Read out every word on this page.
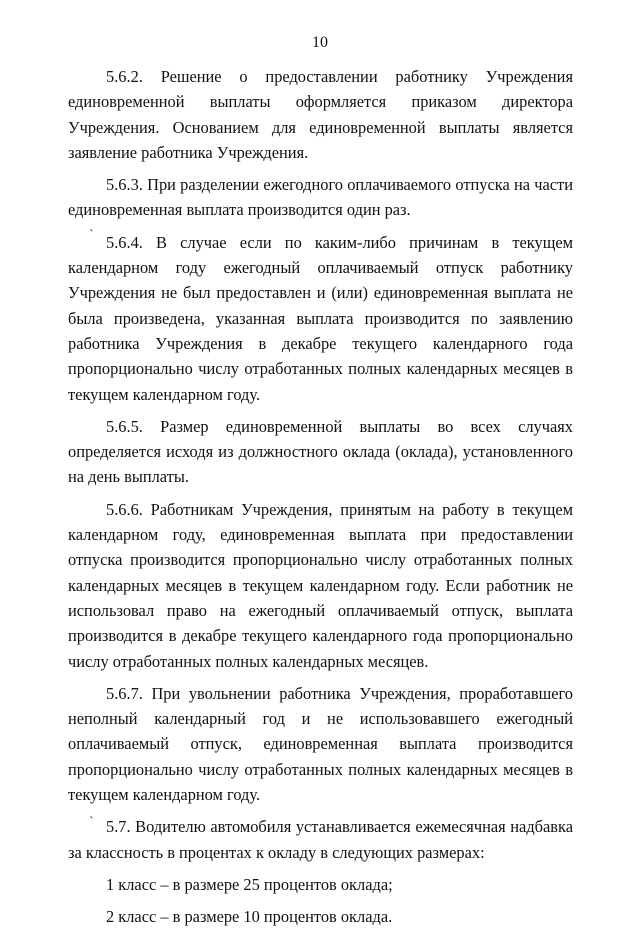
10
ˋ
ˋ

5.6.2. Решение о предоставлении работнику Учреждения единовременной выплаты оформляется приказом директора Учреждения. Основанием для единовременной выплаты является заявление работника Учреждения.

5.6.3. При разделении ежегодного оплачиваемого отпуска на части единовременная выплата производится один раз.

5.6.4. В случае если по каким-либо причинам в текущем календарном году ежегодный оплачиваемый отпуск работнику Учреждения не был предоставлен и (или) единовременная выплата не была произведена, указанная выплата производится по заявлению работника Учреждения в декабре текущего календарного года пропорционально числу отработанных полных календарных месяцев в текущем календарном году.

5.6.5. Размер единовременной выплаты во всех случаях определяется исходя из должностного оклада (оклада), установленного на день выплаты.

5.6.6. Работникам Учреждения, принятым на работу в текущем календарном году, единовременная выплата при предоставлении отпуска производится пропорционально числу отработанных полных календарных месяцев в текущем календарном году. Если работник не использовал право на ежегодный оплачиваемый отпуск, выплата производится в декабре текущего календарного года пропорционально числу отработанных полных календарных месяцев.

5.6.7. При увольнении работника Учреждения, проработавшего неполный календарный год и не использовавшего ежегодный оплачиваемый отпуск, единовременная выплата производится пропорционально числу отработанных полных календарных месяцев в текущем календарном году.

5.7. Водителю автомобиля устанавливается ежемесячная надбавка за классность в процентах к окладу в следующих размерах:

1 класс – в размере 25 процентов оклада;

2 класс – в размере 10 процентов оклада.
